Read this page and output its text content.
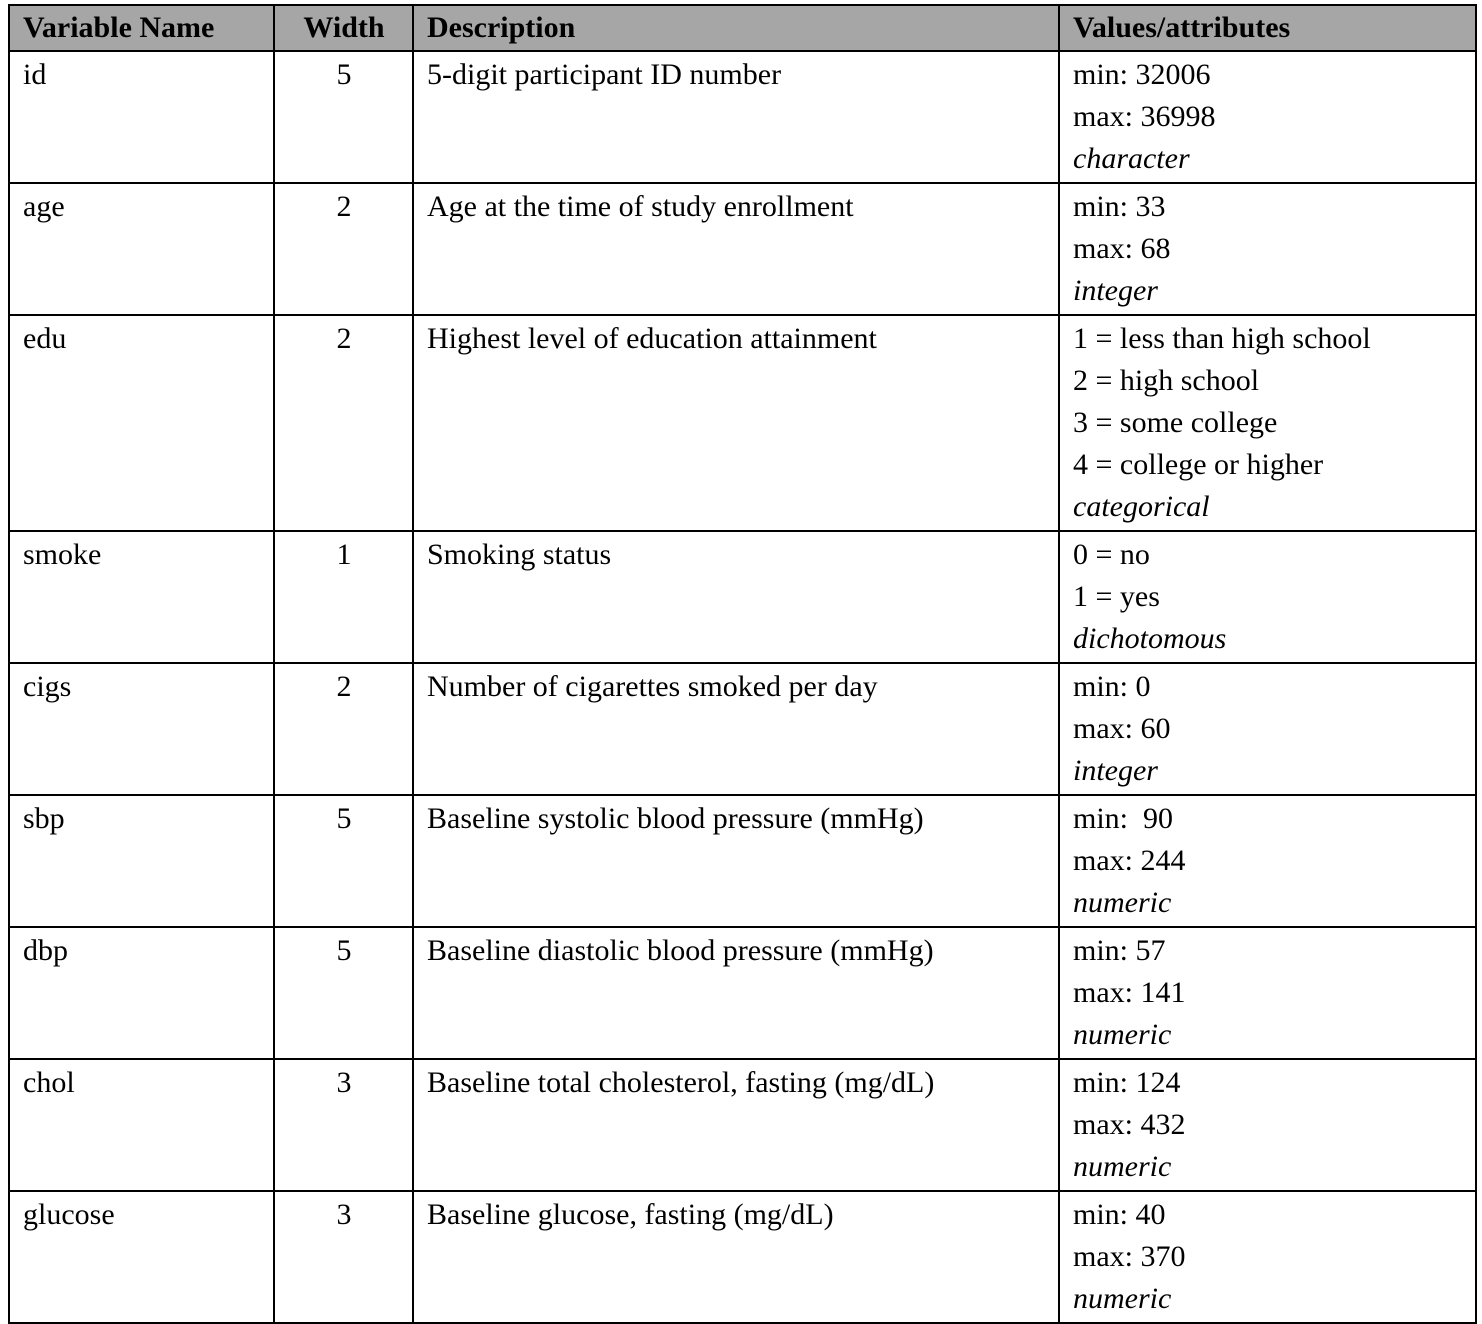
Variable Name	Width	Description	Values/attributes
id	5	5-digit participant ID number	min: 32006
max: 36998
character

age	2	Age at the time of study enrollment	min: 33
max: 68
integer

edu	2	Highest level of education attainment	1 = less than high school
2 = high school
3 = some college
4 = college or higher
categorical

smoke	1	Smoking status	0 = no
1 = yes
dichotomous

cigs	2	Number of cigarettes smoked per day	min: 0
max: 60
integer

sbp	5	Baseline systolic blood pressure (mmHg)	min:  90
max: 244
numeric

dbp	5	Baseline diastolic blood pressure (mmHg)	min: 57
max: 141
numeric

chol	3	Baseline total cholesterol, fasting (mg/dL)	min: 124
max: 432
numeric

glucose	3	Baseline glucose, fasting (mg/dL)	min: 40
max: 370
numeric
